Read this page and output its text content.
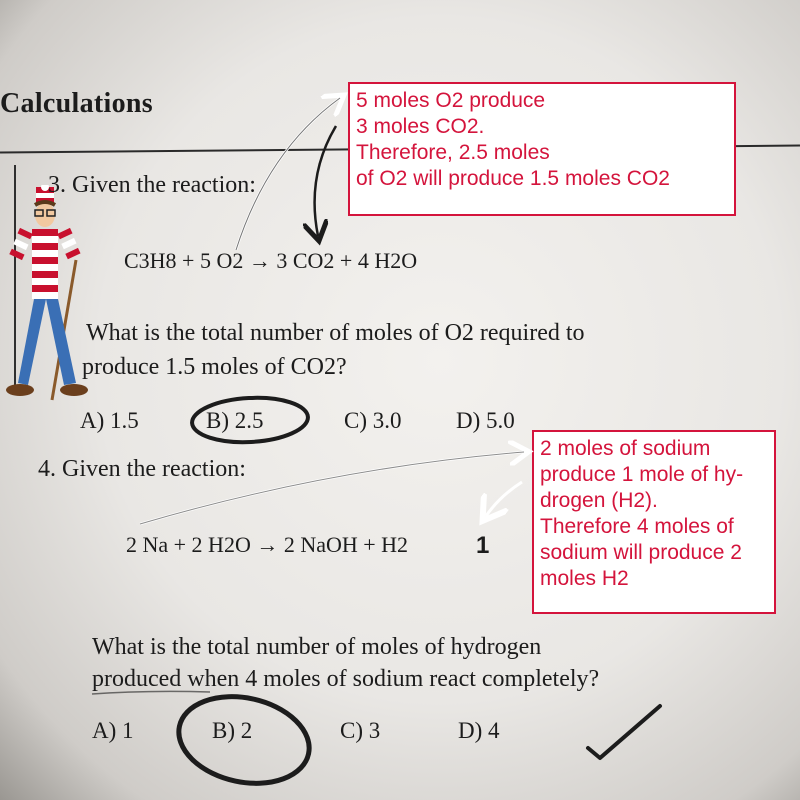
Calculations
3. Given the reaction:
C3H8 + 5 O2 → 3 CO2 + 4 H2O
What is the total number of moles of O2 required to
produce 1.5 moles of CO2?
A) 1.5	B) 2.5	C) 3.0 D) 5.0
4. Given the reaction:
2 Na + 2 H2O → 2 NaOH + H2	1
What is the total number of moles of hydrogen
produced when 4 moles of sodium react completely?
A) 1	B) 2	C) 3	D) 4
5 moles O2 produce
3 moles CO2.
Therefore, 2.5 moles
of O2 will produce 1.5 moles CO2
2 moles of sodium
produce 1 mole of hy-
drogen (H2).
Therefore 4 moles of
sodium will produce 2
moles H2
